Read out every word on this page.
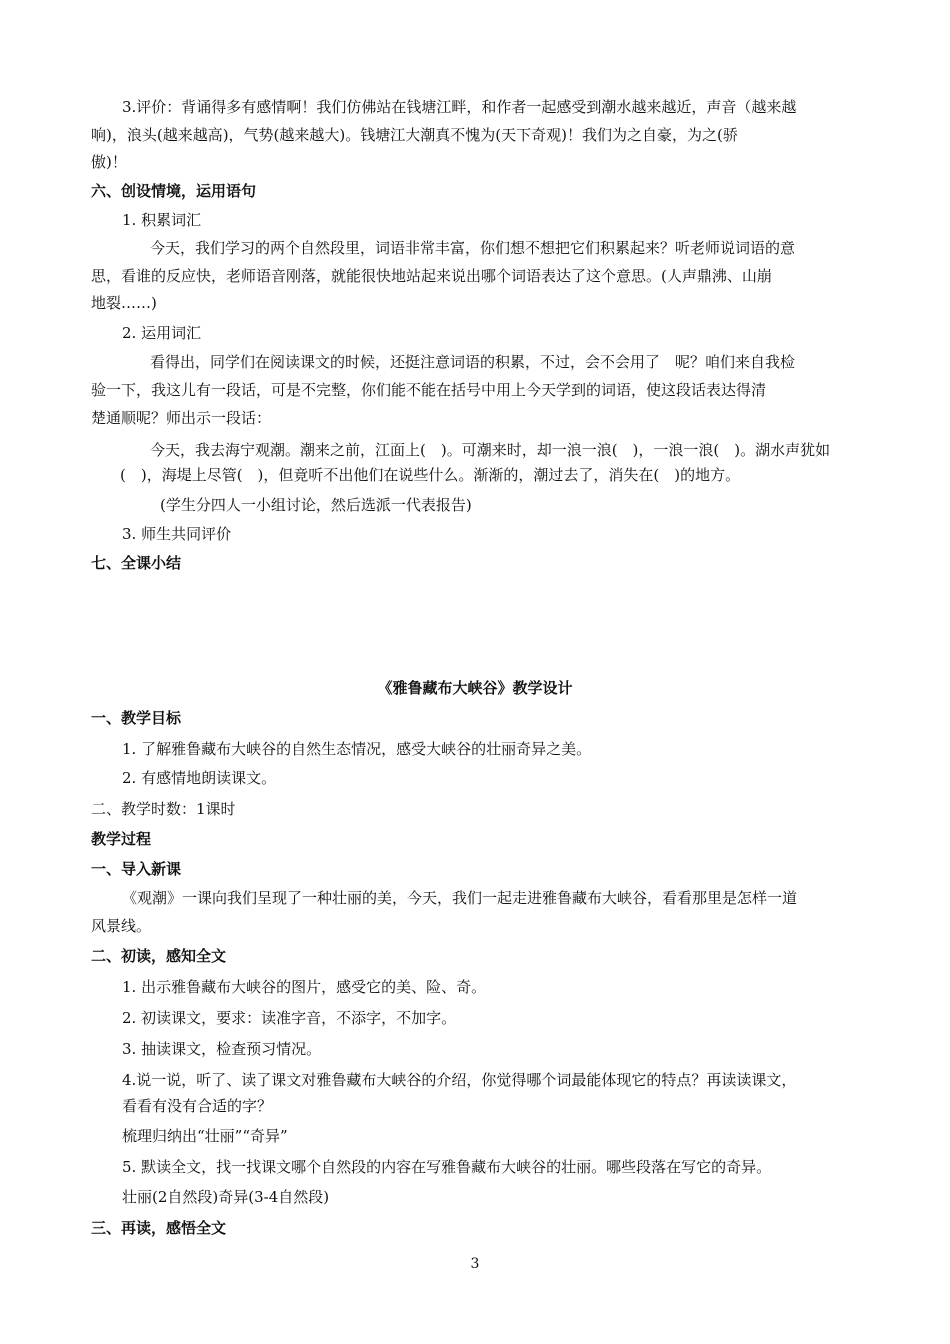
3.评价：背诵得多有感情啊！我们仿佛站在钱塘江畔，和作者一起感受到潮水越来越近，声音（越来越
响)，浪头(越来越高)，气势(越来越大)。钱塘江大潮真不愧为(天下奇观)！我们为之自豪，为之(骄
傲)！
六、创设情境，运用语句
1. 积累词汇
今天，我们学习的两个自然段里，词语非常丰富，你们想不想把它们积累起来？听老师说词语的意
思，看谁的反应快，老师语音刚落，就能很快地站起来说出哪个词语表达了这个意思。(人声鼎沸、山崩
地裂……)
2. 运用词汇
看得出，同学们在阅读课文的时候，还挺注意词语的积累，不过，会不会用了　呢？咱们来自我检
验一下，我这儿有一段话，可是不完整，你们能不能在括号中用上今天学到的词语，使这段话表达得清
楚通顺呢？师出示一段话：
今天，我去海宁观潮。潮来之前，江面上(　)。可潮来时，却一浪一浪(　)，一浪一浪(　)。湖水声犹如
(　)，海堤上尽管(　)，但竟听不出他们在说些什么。渐渐的，潮过去了，消失在(　)的地方。
(学生分四人一小组讨论，然后选派一代表报告)
3. 师生共同评价
七、全课小结
《雅鲁藏布大峡谷》教学设计
一、教学目标
1. 了解雅鲁藏布大峡谷的自然生态情况，感受大峡谷的壮丽奇异之美。
2. 有感情地朗读课文。
二、教学时数：1课时
教学过程
一、导入新课
《观潮》一课向我们呈现了一种壮丽的美，今天，我们一起走进雅鲁藏布大峡谷，看看那里是怎样一道
风景线。
二、初读，感知全文
1. 出示雅鲁藏布大峡谷的图片，感受它的美、险、奇。
2. 初读课文，要求：读准字音，不添字，不加字。
3. 抽读课文，检查预习情况。
4.说一说，听了、读了课文对雅鲁藏布大峡谷的介绍，你觉得哪个词最能体现它的特点？再读读课文，
看看有没有合适的字？
梳理归纳出“壮丽”“奇异”
5. 默读全文，找一找课文哪个自然段的内容在写雅鲁藏布大峡谷的壮丽。哪些段落在写它的奇异。
壮丽(2自然段)奇异(3-4自然段)
三、再读，感悟全文
3
